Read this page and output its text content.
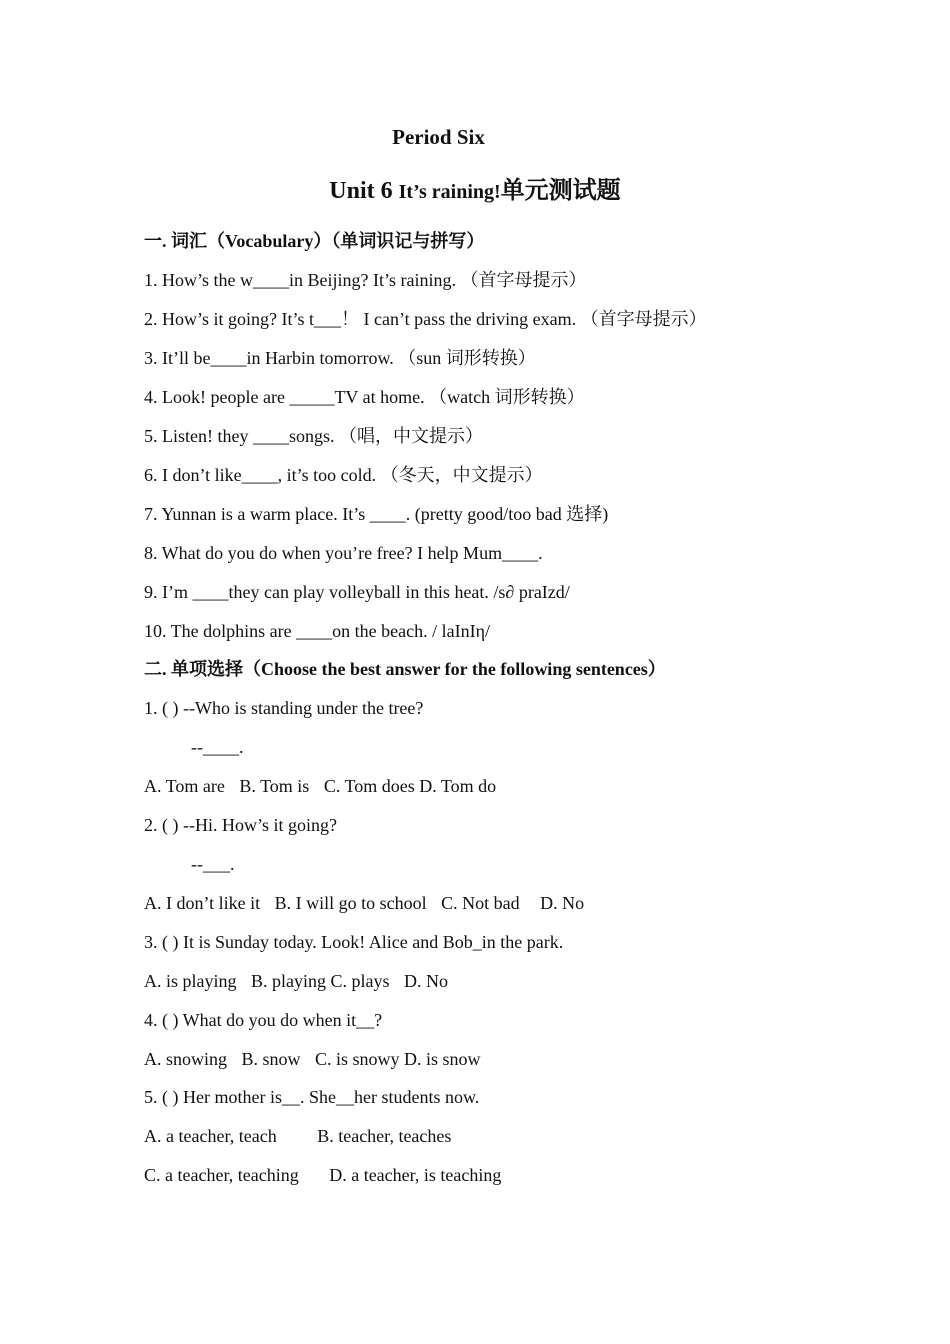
Period Six
Unit 6 It’s raining!单元测试题
一. 词汇（Vocabulary）（单词识记与拼写）
1. How’s the w____in Beijing? It’s raining. （首字母提示）
2. How’s it going? It’s t___！ I can’t pass the driving exam. （首字母提示）
3. It’ll be____in Harbin tomorrow. （sun 词形转换）
4. Look! people are _____TV at home. （watch 词形转换）
5. Listen! they ____songs. （唱，中文提示）
6. I don’t like____, it’s too cold. （冬天，中文提示）
7. Yunnan is a warm place. It’s ____. (pretty good/too bad 选择)
8. What do you do when you’re free? I help Mum____.
9. I’m ____they can play volleyball in this heat. /s∂ praIzd/
10. The dolphins are ____on the beach. / laInIη/
二. 单项选择（Choose the best answer for the following sentences）
1. ( ) --Who is standing under the tree?
--____.
A. Tom are B. Tom is C. Tom does D. Tom do
2. ( ) --Hi. How’s it going?
--___.
A. I don’t like it B. I will go to school C. Not bad D. No
3. ( ) It is Sunday today. Look! Alice and Bob_in the park.
A. is playing B. playing C. plays D. No
4. ( ) What do you do when it__?
A. snowing B. snow C. is snowy D. is snow
5. ( ) Her mother is__. She__her students now.
A. a teacher, teach B. teacher, teaches
C. a teacher, teaching D. a teacher, is teaching
